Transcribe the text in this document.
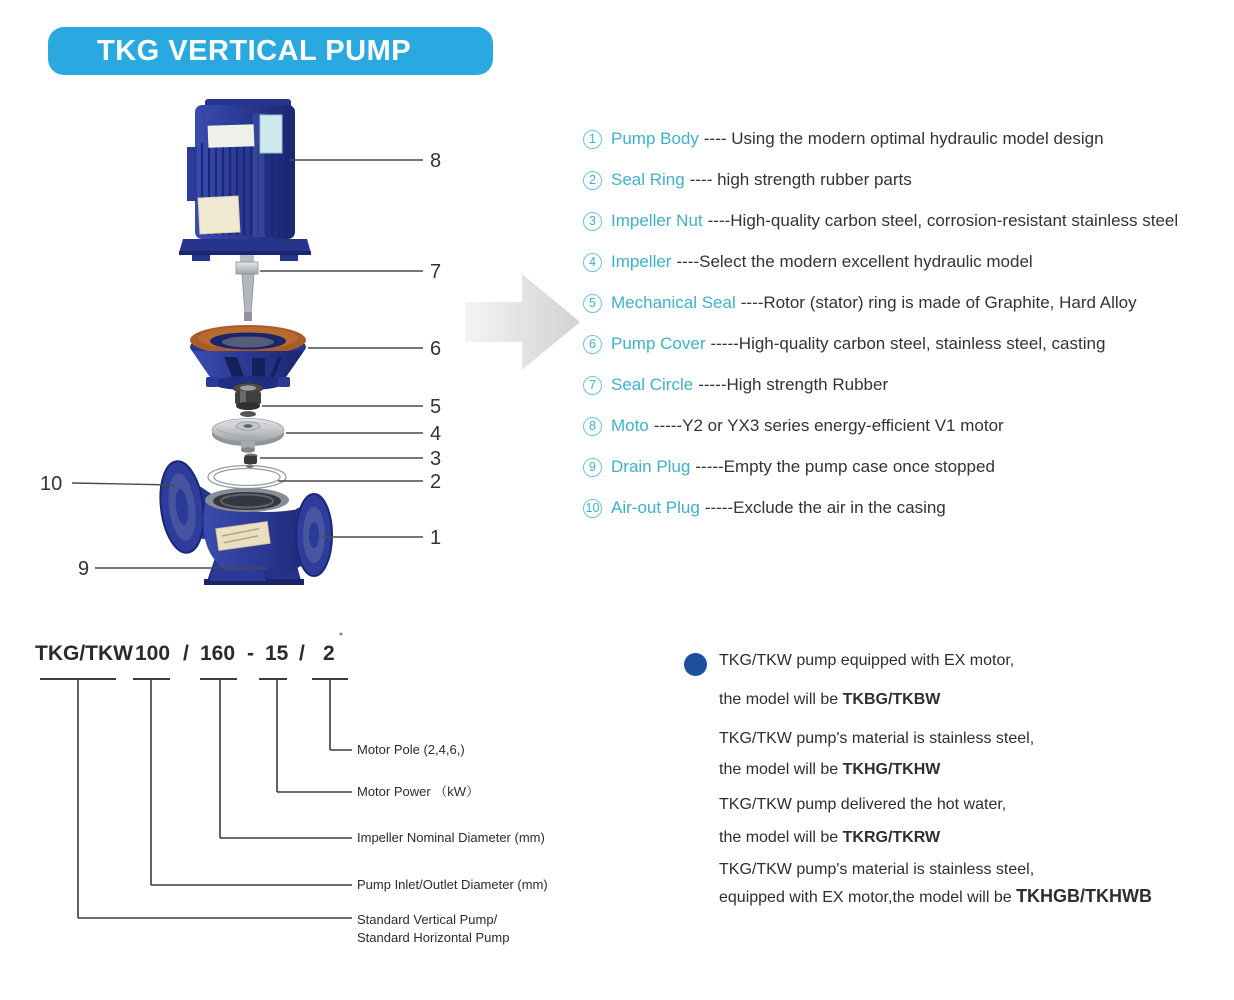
TKG VERTICAL PUMP
8
7
6
5
4
3
2
1
10
9
1 Pump Body ---- Using the modern optimal hydraulic model design
2 Seal Ring ---- high strength rubber parts
3 Impeller Nut ----High-quality carbon steel, corrosion-resistant stainless steel
4 Impeller ----Select the modern excellent hydraulic model
5 Mechanical Seal ----Rotor (stator) ring is made of Graphite, Hard Alloy
6 Pump Cover -----High-quality carbon steel, stainless steel, casting
7 Seal Circle -----High strength Rubber
8 Moto -----Y2 or YX3 series energy-efficient V1 motor
9 Drain Plug -----Empty the pump case once stopped
10 Air-out Plug -----Exclude the air in the casing
TKG/TKW 100 / 160 - 15 / 2
Motor Pole (2,4,6,)
Motor Power （kW）
Impeller Nominal Diameter (mm)
Pump Inlet/Outlet Diameter (mm)
Standard Vertical Pump/
Standard Horizontal Pump
TKG/TKW pump equipped with EX motor,
the model will be TKBG/TKBW
TKG/TKW pump's material is stainless steel,
the model will be TKHG/TKHW
TKG/TKW pump delivered the hot water,
the model will be TKRG/TKRW
TKG/TKW pump's material is stainless steel,
equipped with EX motor,the model will be TKHGB/TKHWB
